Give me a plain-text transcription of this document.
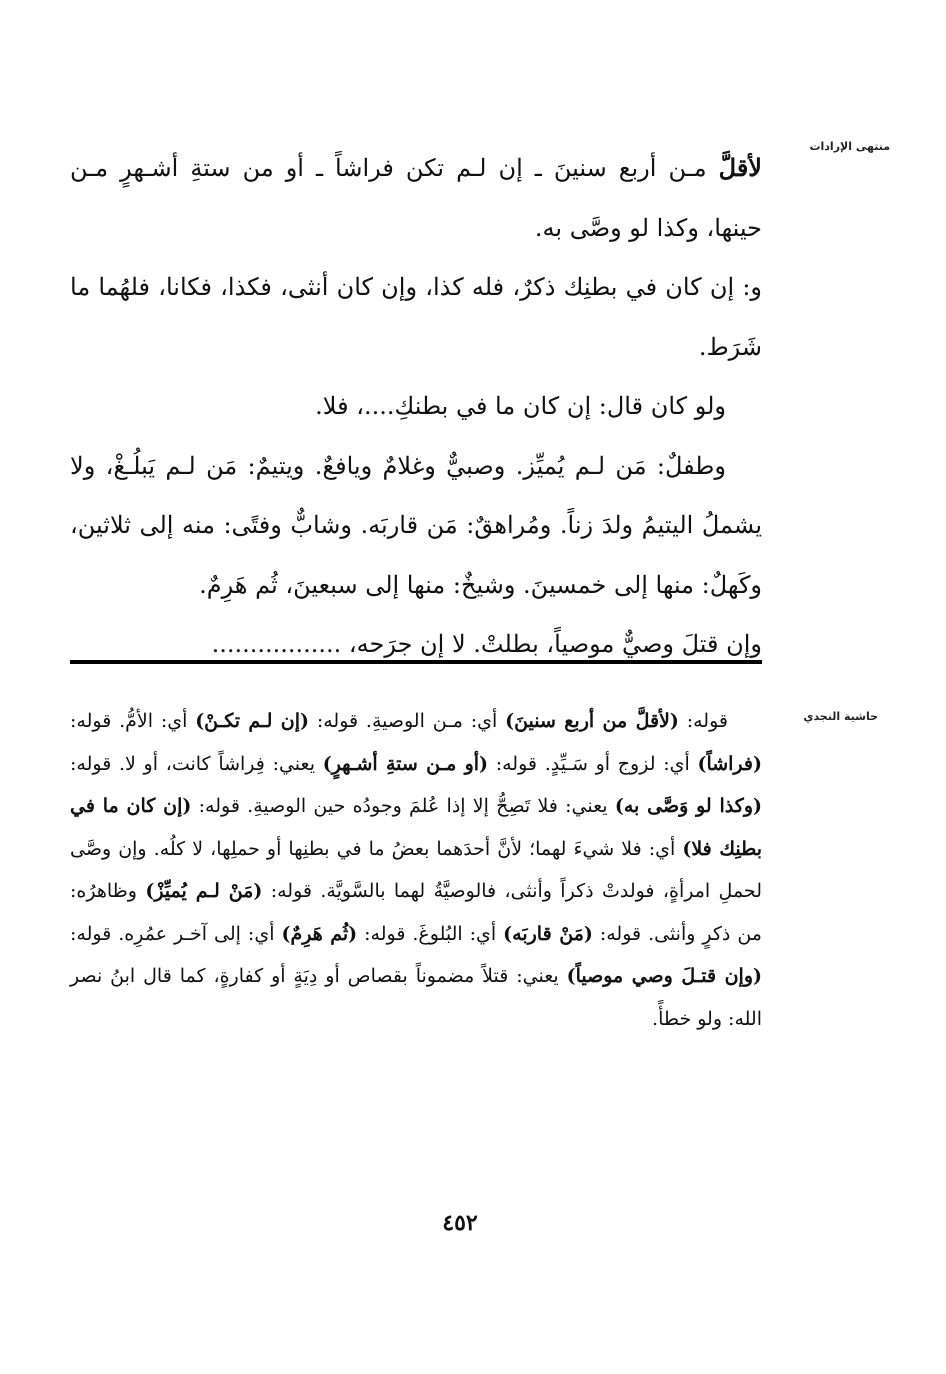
منتهى الإرادات

لأقلَّ مـن أربع سنينَ ـ إن لـم تكن فراشاً ـ أو من ستةِ أشـهرٍ مـن حينها، وكذا لو وصَّى به.

و: إن كان في بطنِك ذكرٌ، فله كذا، وإن كان أنثى، فكذا، فكانا، فلهُما ما شَرَط.

ولو كان قال: إن كان ما في بطنكِ....، فلا.

وطفلٌ: مَن لـم يُميِّز. وصبيٌّ وغلامٌ ويافعٌ. ويتيمٌ: مَن لـم يَبلُـغْ، ولا يشملُ اليتيمُ ولدَ زناً. ومُراهقٌ: مَن قاربَه. وشابٌّ وفتًى: منه إلى ثلاثين، وكَهلٌ: منها إلى خمسينَ. وشيخٌ: منها إلى سبعينَ، ثُم هَرِمٌ.

وإن قتلَ وصيٌّ موصياً، بطلتْ. لا إن جرَحه، .................

حاشية النجدي

قوله: (لأقلَّ من أربع سنينَ) أي: مـن الوصيةِ. قوله: (إن لـم تكـنْ) أي: الأمُّ. قوله: (فراشاً) أي: لزوج أو سَـيِّدٍ. قوله: (أو مـن ستةِ أشـهرٍ) يعني: فِراشاً كانت، أو لا. قوله: (وكذا لو وَصَّى به) يعني: فلا تَصِحُّ إلا إذا عُلمَ وجودُه حين الوصيةِ. قوله: (إن كان ما في بطنِك فلا) أي: فلا شيءَ لهما؛ لأنَّ أحدَهما بعضُ ما في بطنِها أو حملِها، لا كلُه. وإن وصَّى لحملِ امرأةٍ، فولدتْ ذكراً وأنثى، فالوصيَّةُ لهما بالسَّويَّة. قوله: (مَنْ لـم يُميِّزْ) وظاهرُه: من ذكرٍ وأنثى. قوله: (مَنْ قاربَه) أي: البُلوغَ. قوله: (ثُم هَرِمٌ) أي: إلى آخـر عمُرِه. قوله: (وإن قتـلَ وصي موصياً) يعني: قتلاً مضموناً بقصاص أو دِيَةٍ أو كفارةٍ، كما قال ابنُ نصر الله: ولو خطأً.

٤٥٢
